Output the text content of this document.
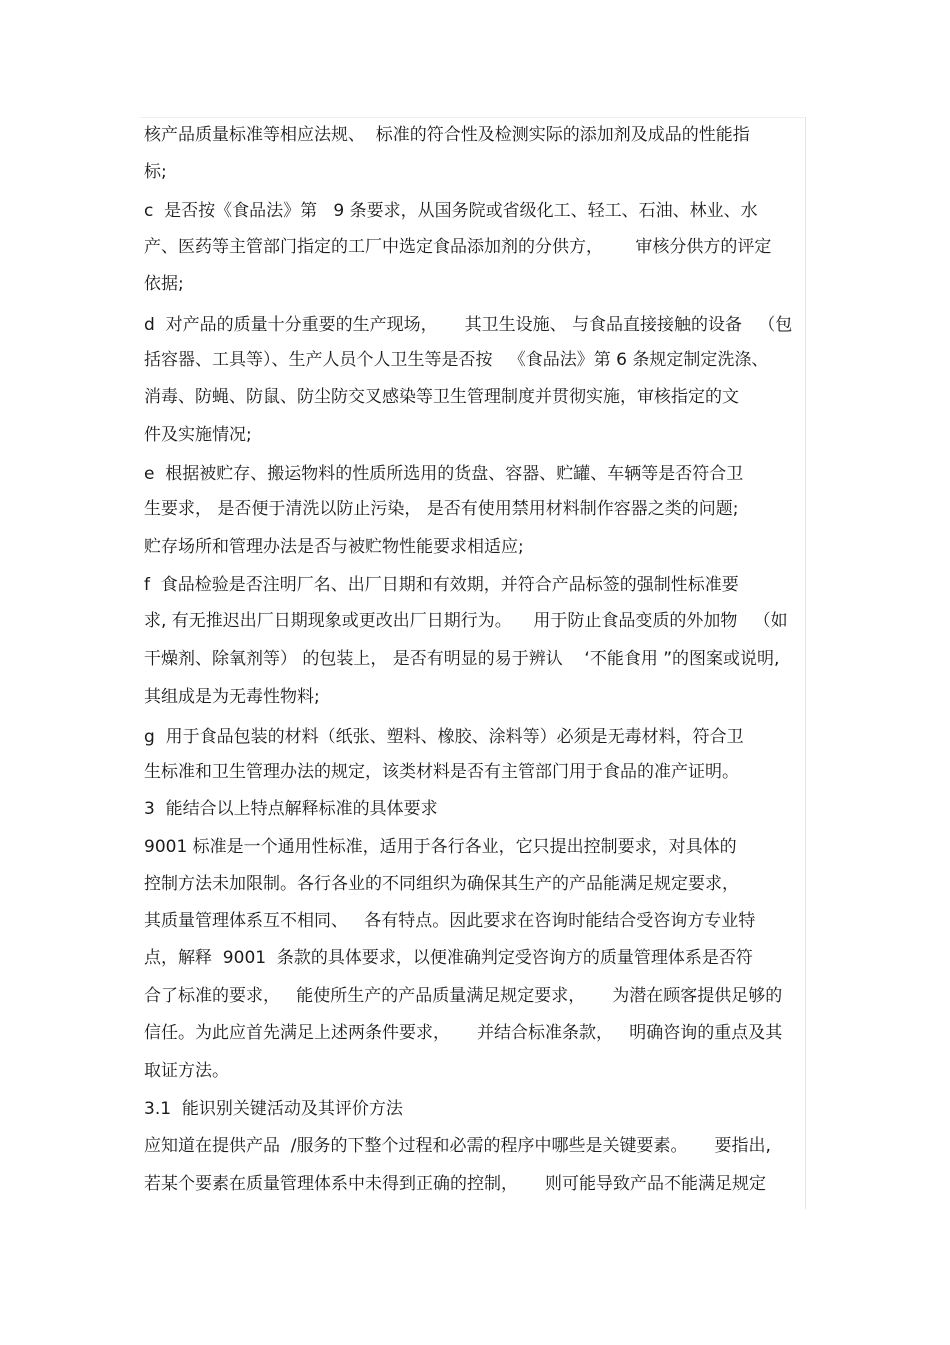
核产品质量标准等相应法规、  标准的符合性及检测实际的添加剂及成品的性能指
标;
c  是否按《食品法》第   9 条要求，从国务院或省级化工、轻工、石油、林业、水
产、医药等主管部门指定的工厂中选定食品添加剂的分供方，      审核分供方的评定
依据;
d  对产品的质量十分重要的生产现场，     其卫生设施、 与食品直接接触的设备   （包
括容器、工具等）、生产人员个人卫生等是否按   《食品法》第 6 条规定制定洗涤、
消毒、防蝇、防鼠、防尘防交叉感染等卫生管理制度并贯彻实施，审核指定的文
件及实施情况;
e  根据被贮存、搬运物料的性质所选用的货盘、容器、贮罐、车辆等是否符合卫
生要求， 是否便于清洗以防止污染， 是否有使用禁用材料制作容器之类的问题;
贮存场所和管理办法是否与被贮物性能要求相适应;
f  食品检验是否注明厂名、出厂日期和有效期，并符合产品标签的强制性标准要
求, 有无推迟出厂日期现象或更改出厂日期行为。    用于防止食品变质的外加物   （如
干燥剂、除氧剂等） 的包装上， 是否有明显的易于辨认    ‘不能食用 ”的图案或说明,
其组成是为无毒性物料;
g  用于食品包装的材料（纸张、塑料、橡胶、涂料等）必须是无毒材料，符合卫
生标准和卫生管理办法的规定，该类材料是否有主管部门用于食品的准产证明。
3  能结合以上特点解释标准的具体要求
9001 标准是一个通用性标准，适用于各行各业，它只提出控制要求，对具体的
控制方法未加限制。各行各业的不同组织为确保其生产的产品能满足规定要求，
其质量管理体系互不相同、   各有特点。因此要求在咨询时能结合受咨询方专业特
点，解释  9001  条款的具体要求，以便准确判定受咨询方的质量管理体系是否符
合了标准的要求，   能使所生产的产品质量满足规定要求，     为潜在顾客提供足够的
信任。为此应首先满足上述两条件要求，     并结合标准条款，   明确咨询的重点及其
取证方法。
3.1  能识别关键活动及其评价方法
应知道在提供产品  /服务的下整个过程和必需的程序中哪些是关键要素。     要指出,
若某个要素在质量管理体系中未得到正确的控制，     则可能导致产品不能满足规定
